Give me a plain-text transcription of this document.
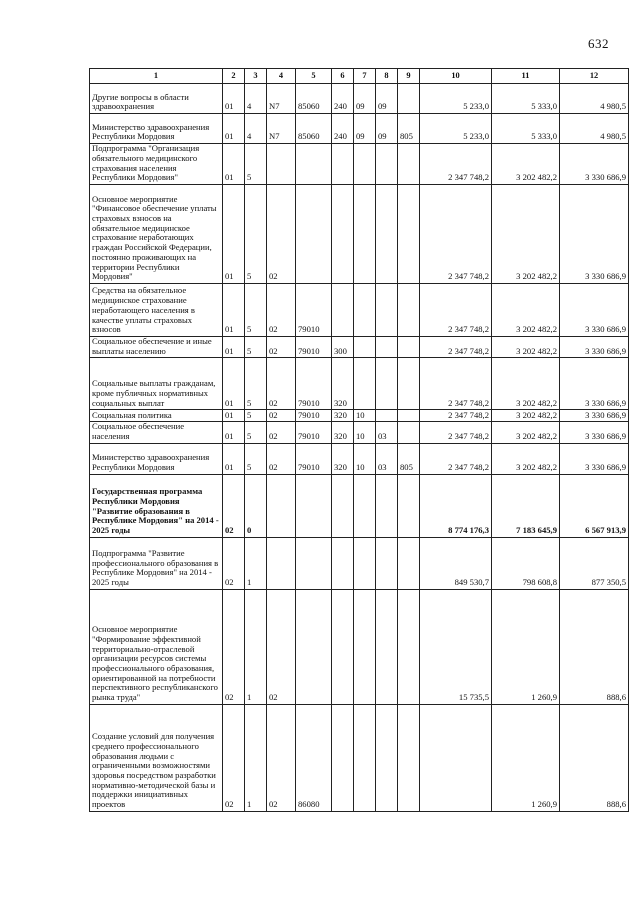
632
1	2	3	4	5	6	7	8	9	10	11	12
Другие вопросы в области здравоохранения	01	4	N7	85060	240	09	09		5 233,0	5 333,0	4 980,5
Министерство здравоохранения Республики Мордовия	01	4	N7	85060	240	09	09	805	5 233,0	5 333,0	4 980,5
Подпрограмма "Организация обязательного медицинского страхования населения Республики Мордовия"	01	5							2 347 748,2	3 202 482,2	3 330 686,9
Основное мероприятие "Финансовое обеспечение уплаты страховых взносов на обязательное медицинское страхование неработающих граждан Российской Федерации, постоянно проживающих на территории Республики Мордовия"	01	5	02						2 347 748,2	3 202 482,2	3 330 686,9
Средства на обязательное медицинское страхование неработающего населения в качестве уплаты страховых взносов	01	5	02	79010					2 347 748,2	3 202 482,2	3 330 686,9
Социальное обеспечение и иные выплаты населению	01	5	02	79010	300				2 347 748,2	3 202 482,2	3 330 686,9
Социальные выплаты гражданам, кроме публичных нормативных социальных выплат	01	5	02	79010	320				2 347 748,2	3 202 482,2	3 330 686,9
Социальная политика	01	5	02	79010	320	10			2 347 748,2	3 202 482,2	3 330 686,9
Социальное обеспечение населения	01	5	02	79010	320	10	03		2 347 748,2	3 202 482,2	3 330 686,9
Министерство здравоохранения Республики Мордовия	01	5	02	79010	320	10	03	805	2 347 748,2	3 202 482,2	3 330 686,9
Государственная программа Республики Мордовия "Развитие образования в Республике Мордовия" на 2014 - 2025 годы	02	0							8 774 176,3	7 183 645,9	6 567 913,9
Подпрограмма "Развитие профессионального образования в Республике Мордовия" на 2014 - 2025 годы	02	1							849 530,7	798 608,8	877 350,5
Основное мероприятие "Формирование эффективной территориально-отраслевой организации ресурсов системы профессионального образования, ориентированной на потребности перспективного республиканского рынка труда"	02	1	02						15 735,5	1 260,9	888,6
Создание условий для получения среднего профессионального образования людьми с ограниченными возможностями здоровья посредством разработки нормативно-методической базы и поддержки инициативных проектов	02	1	02	86080						1 260,9	888,6
